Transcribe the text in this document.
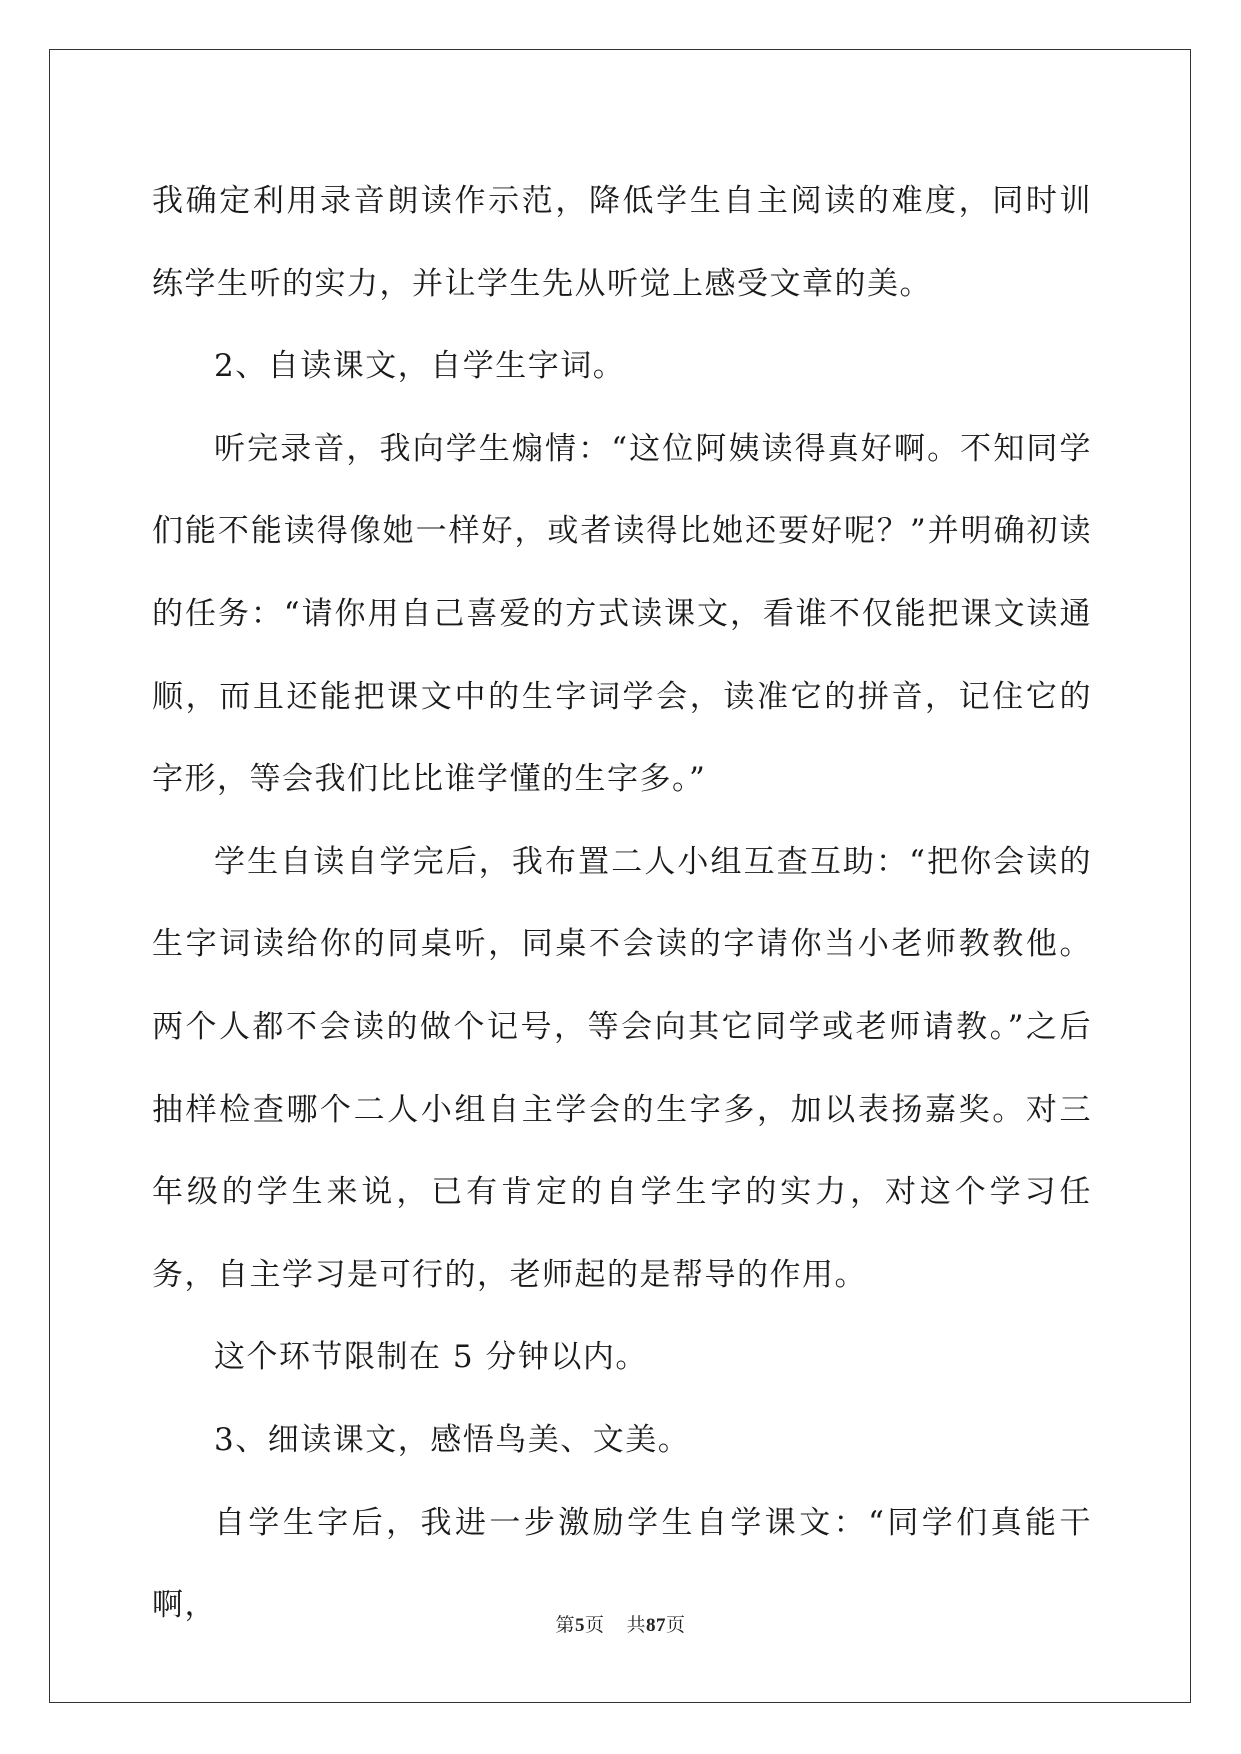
我确定利用录音朗读作示范，降低学生自主阅读的难度，同时训练学生听的实力，并让学生先从听觉上感受文章的美。

2、自读课文，自学生字词。

听完录音，我向学生煽情：“这位阿姨读得真好啊。不知同学们能不能读得像她一样好，或者读得比她还要好呢？”并明确初读的任务：“请你用自己喜爱的方式读课文，看谁不仅能把课文读通顺，而且还能把课文中的生字词学会，读准它的拼音，记住它的字形，等会我们比比谁学懂的生字多。”

学生自读自学完后，我布置二人小组互查互助：“把你会读的生字词读给你的同桌听，同桌不会读的字请你当小老师教教他。两个人都不会读的做个记号，等会向其它同学或老师请教。”之后抽样检查哪个二人小组自主学会的生字多，加以表扬嘉奖。对三年级的学生来说，已有肯定的自学生字的实力，对这个学习任务，自主学习是可行的，老师起的是帮导的作用。

这个环节限制在 5 分钟以内。

3、细读课文，感悟鸟美、文美。

自学生字后，我进一步激励学生自学课文：“同学们真能干啊，

第5页 共87页
